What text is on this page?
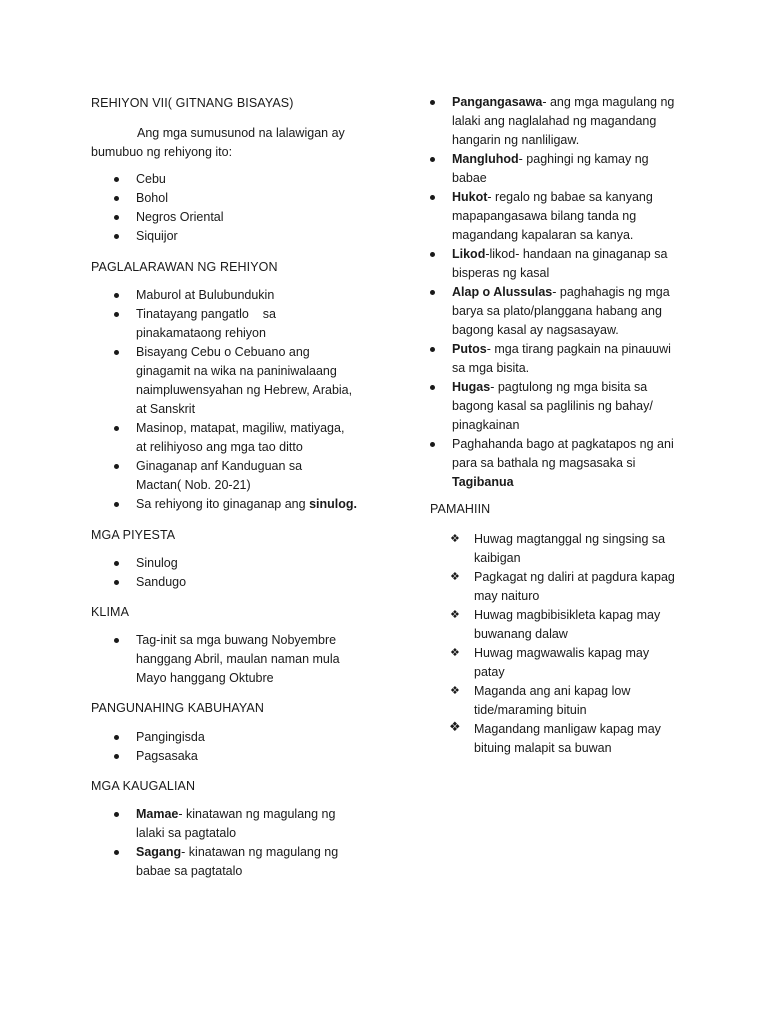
REHIYON VII( GITNANG BISAYAS)
Ang mga sumusunod na lalawigan ay
bumubuo ng rehiyong ito:
Cebu
Bohol
Negros Oriental
Siquijor
PAGLALARAWAN NG REHIYON
Maburol at Bulubundukin
Tinatayang pangatlo    sa
pinakamataong rehiyon
Bisayang Cebu o Cebuano ang
ginagamit na wika na paniniwalaang
naimpluwensyahan ng Hebrew, Arabia,
at Sanskrit
Masinop, matapat, magiliw, matiyaga,
at relihiyoso ang mga tao ditto
Ginaganap anf Kanduguan sa
Mactan( Nob. 20-21)
Sa rehiyong ito ginaganap ang sinulog.
MGA PIYESTA
Sinulog
Sandugo
KLIMA
Tag-init sa mga buwang Nobyembre
hanggang Abril, maulan naman mula
Mayo hanggang Oktubre
PANGUNAHING KABUHAYAN
Pangingisda
Pagsasaka
MGA KAUGALIAN
Mamae- kinatawan ng magulang ng
lalaki sa pagtatalo
Sagang- kinatawan ng magulang ng
babae sa pagtatalo
Pangangasawa- ang mga magulang ng
lalaki ang naglalahad ng magandang
hangarin ng nanliligaw.
Mangluhod- paghingi ng kamay ng
babae
Hukot- regalo ng babae sa kanyang
mapapangasawa bilang tanda ng
magandang kapalaran sa kanya.
Likod-likod- handaan na ginaganap sa
bisperas ng kasal
Alap o Alussulas- paghahagis ng mga
barya sa plato/planggana habang ang
bagong kasal ay nagsasayaw.
Putos- mga tirang pagkain na pinauuwi
sa mga bisita.
Hugas- pagtulong ng mga bisita sa
bagong kasal sa paglilinis ng bahay/
pinagkainan
Paghahanda bago at pagkatapos ng ani
para sa bathala ng magsasaka si
Tagibanua
PAMAHIIN
❖ Huwag magtanggal ng singsing sa
kaibigan
❖ Pagkagat ng daliri at pagdura kapag
may naituro
❖ Huwag magbibisikleta kapag may
buwanang dalaw
❖ Huwag magwawalis kapag may
patay
❖ Maganda ang ani kapag low
tide/maraming bituin
❖ Magandang manligaw kapag may
bituing malapit sa buwan
